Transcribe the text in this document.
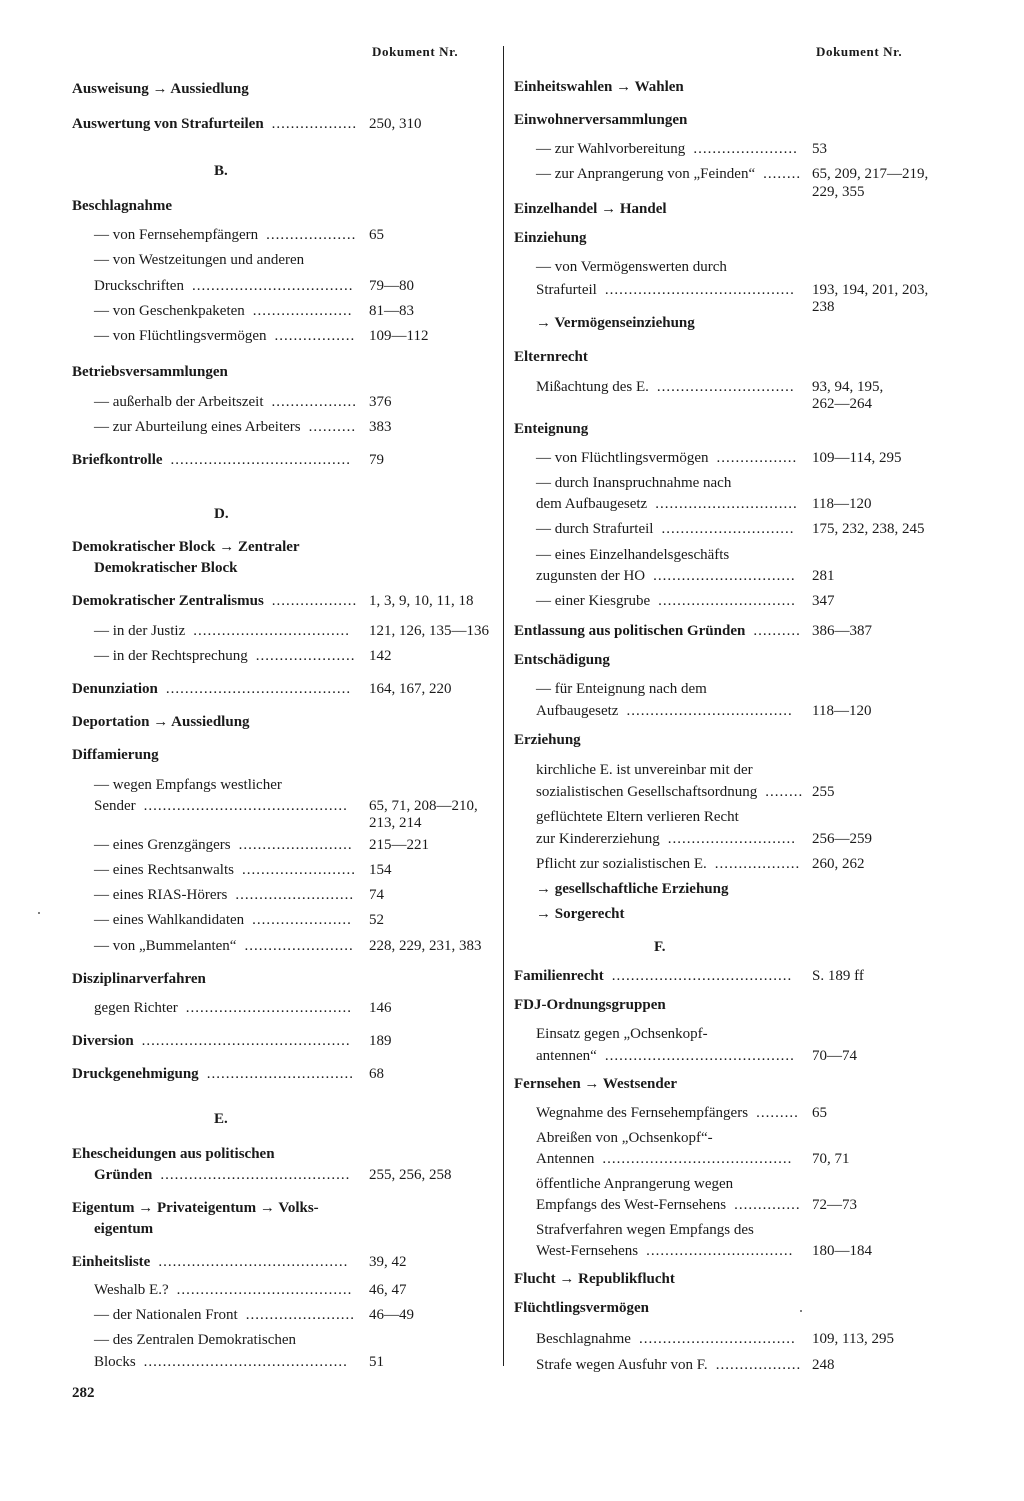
Dokument Nr.
Ausweisung → Aussiedlung
Auswertung von Strafurteilen .................. 250, 310
B.
Beschlagnahme
— von Fernsehempfängern ................... 65
— von Westzeitungen und anderen
Druckschriften ..................................	79—80
— von Geschenkpaketen .....................	81—83
— von Flüchtlingsvermögen ................. 109—112
Betriebsversammlungen
— außerhalb der Arbeitszeit .................. 376
— zur Aburteilung eines Arbeiters .......... 383
Briefkontrolle ......................................	79
D.
Demokratischer Block → Zentraler
Demokratischer Block
Demokratischer Zentralismus .................. 1, 3, 9, 10, 11, 18
— in der Justiz .................................	121, 126, 135—136
— in der Rechtsprechung ..................... 142
Denunziation .......................................	164, 167, 220
Deportation → Aussiedlung
Diffamierung
— wegen Empfangs westlicher
Sender ...........................................	65, 71, 208—210,
213, 214
— eines Grenzgängers ........................	215—221
— eines Rechtsanwalts ........................ 154
— eines RIAS-Hörers ......................... 74
— eines Wahlkandidaten .....................	52
— von „Bummelanten“ .......................	228, 229, 231, 383
Disziplinarverfahren
gegen Richter ...................................	146
Diversion ............................................	189
Druckgenehmigung ...............................	68
E.
Ehescheidungen aus politischen
Gründen ........................................	255, 256, 258
Eigentum → Privateigentum → Volks-
eigentum
Einheitsliste ........................................	39, 42
Weshalb E.? .....................................	46, 47
— der Nationalen Front ....................... 46—49
— des Zentralen Demokratischen
Blocks ...........................................	51
Dokument Nr.
Einheitswahlen → Wahlen
Einwohnerversammlungen
— zur Wahlvorbereitung ...................... 53
— zur Anprangerung von „Feinden“ ........ 65, 209, 217—219,
229, 355
Einzelhandel → Handel
Einziehung
— von Vermögenswerten durch
Strafurteil ........................................	193, 194, 201, 203,
238
→ Vermögenseinziehung
Elternrecht
Mißachtung des E. .............................	93, 94, 195,
262—264
Enteignung
— von Flüchtlingsvermögen ................. 109—114, 295
— durch Inanspruchnahme nach
dem Aufbaugesetz .............................. 118—120
— durch Strafurteil ............................	175, 232, 238, 245
— eines Einzelhandelsgeschäfts
zugunsten der HO ..............................	281
— einer Kiesgrube .............................	347
Entlassung aus politischen Gründen .......... 386—387
Entschädigung
— für Enteignung nach dem
Aufbaugesetz ...................................	118—120
Erziehung
kirchliche E. ist unvereinbar mit der
sozialistischen Gesellschaftsordnung ........ 255
geflüchtete Eltern verlieren Recht
zur Kindererziehung ...........................	256—259
Pflicht zur sozialistischen E. .................. 260, 262
→ gesellschaftliche Erziehung
→ Sorgerecht
F.
Familienrecht ......................................	S. 189 ff
FDJ-Ordnungsgruppen
Einsatz gegen „Ochsenkopf-
antennen“ ........................................	70—74
Fernsehen → Westsender
Wegnahme des Fernsehempfängers ......... 65
Abreißen von „Ochsenkopf“-
Antennen ........................................	70, 71
öffentliche Anprangerung wegen
Empfangs des West-Fernsehens .............. 72—73
Strafverfahren wegen Empfangs des
West-Fernsehens ...............................	180—184
Flucht → Republikflucht
Flüchtlingsvermögen
Beschlagnahme .................................	109, 113, 295
Strafe wegen Ausfuhr von F. .................. 248
282
